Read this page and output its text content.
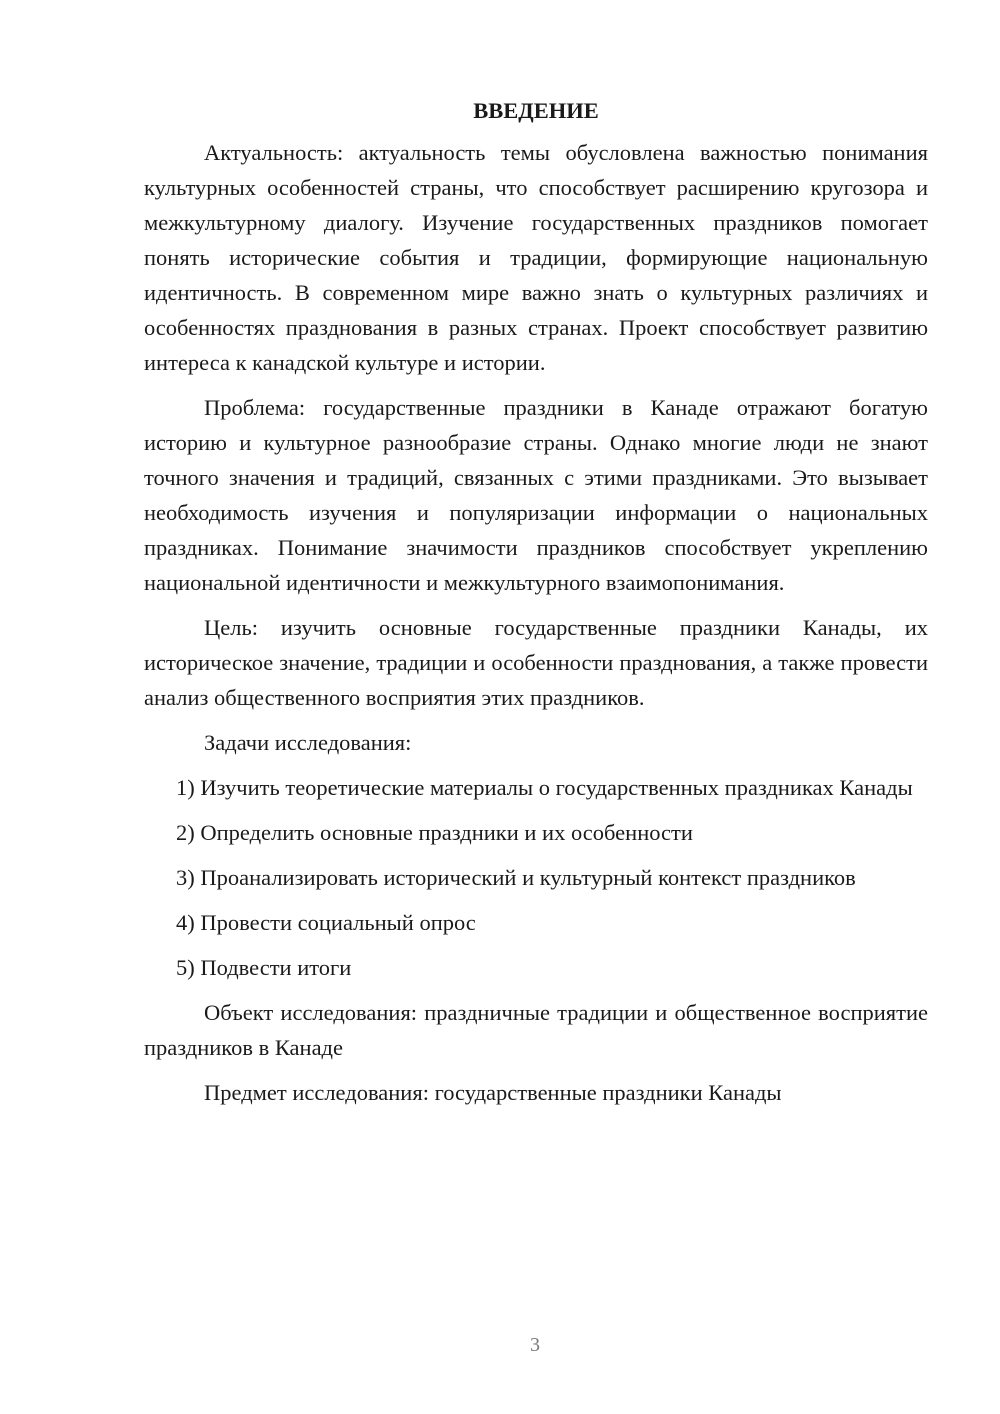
ВВЕДЕНИЕ

Актуальность: актуальность темы обусловлена важностью понимания культурных особенностей страны, что способствует расширению кругозора и межкультурному диалогу. Изучение государственных праздников помогает понять исторические события и традиции, формирующие национальную идентичность. В современном мире важно знать о культурных различиях и особенностях празднования в разных странах. Проект способствует развитию интереса к канадской культуре и истории.

Проблема: государственные праздники в Канаде отражают богатую историю и культурное разнообразие страны. Однако многие люди не знают точного значения и традиций, связанных с этими праздниками. Это вызывает необходимость изучения и популяризации информации о национальных праздниках. Понимание значимости праздников способствует укреплению национальной идентичности и межкультурного взаимопонимания.

Цель: изучить основные государственные праздники Канады, их историческое значение, традиции и особенности празднования, а также провести анализ общественного восприятия этих праздников.

Задачи исследования:

1) Изучить теоретические материалы о государственных праздниках Канады

2) Определить основные праздники и их особенности

3) Проанализировать исторический и культурный контекст праздников

4) Провести социальный опрос

5) Подвести итоги

Объект исследования: праздничные традиции и общественное восприятие праздников в Канаде

Предмет исследования: государственные праздники Канады

3
